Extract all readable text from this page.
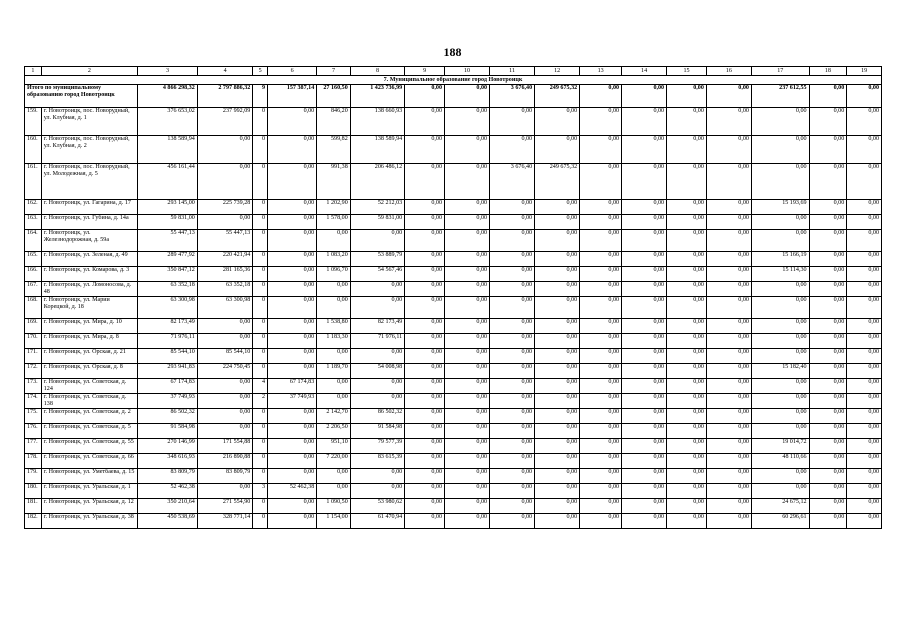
188
1	2	3	4	5	6	7	8	9	10	11	12	13	14	15	16	17	18	19
7. Муниципальное образование город Новотроицк																		
Итого по муниципальному образованию город Новотроицк		4 866 298,32	2 797 886,32	9	157 387,14	27 160,50	1 423 736,99	0,00	0,00	3 676,40	249 675,32	0,00	0,00	0,00	0,00	237 612,55	0,00	0,00
159.	г. Новотроицк, пос. Новорудный, ул. Клубная, д. 1	376 653,02	237 992,09	0	0,00	846,20	138 660,93	0,00	0,00	0,00	0,00	0,00	0,00	0,00	0,00	0,00	0,00	0,00
160.	г. Новотроицк, пос. Новорудный, ул. Клубная, д. 2	138 589,94	0,00	0	0,00	599,82	138 589,94	0,00	0,00	0,00	0,00	0,00	0,00	0,00	0,00	0,00	0,00	0,00
161.	г. Новотроицк, пос. Новорудный, ул. Молодежная, д. 5	456 161,44	0,00	0	0,00	991,38	206 486,12	0,00	0,00	3 676,40	249 675,32	0,00	0,00	0,00	0,00	0,00	0,00	0,00
162.	г. Новотроицк, ул. Гагарина, д. 17	293 145,00	225 739,28	0	0,00	1 202,90	52 212,03	0,00	0,00	0,00	0,00	0,00	0,00	0,00	0,00	15 193,69	0,00	0,00
163.	г. Новотроицк, ул. Губина, д. 14а	59 831,00	0,00	0	0,00	1 578,00	59 831,00	0,00	0,00	0,00	0,00	0,00	0,00	0,00	0,00	0,00	0,00	0,00
164.	г. Новотроицк, ул. Железнодорожная, д. 59а	55 447,13	55 447,13	0	0,00	0,00	0,00	0,00	0,00	0,00	0,00	0,00	0,00	0,00	0,00	0,00	0,00	0,00
165.	г. Новотроицк, ул. Зеленая, д. 49	289 477,92	220 421,94	0	0,00	1 083,20	53 889,79	0,00	0,00	0,00	0,00	0,00	0,00	0,00	0,00	15 166,19	0,00	0,00
166.	г. Новотроицк, ул. Комарова, д. 3	350 847,12	281 165,36	0	0,00	1 096,70	54 567,46	0,00	0,00	0,00	0,00	0,00	0,00	0,00	0,00	15 114,30	0,00	0,00
167.	г. Новотроицк, ул. Ломоносова, д. 48	63 352,18	63 352,18	0	0,00	0,00	0,00	0,00	0,00	0,00	0,00	0,00	0,00	0,00	0,00	0,00	0,00	0,00
168.	г. Новотроицк, ул. Марии Корецкой, д. 18	63 300,98	63 300,98	0	0,00	0,00	0,00	0,00	0,00	0,00	0,00	0,00	0,00	0,00	0,00	0,00	0,00	0,00
169.	г. Новотроицк, ул. Мира, д. 10	82 173,49	0,00	0	0,00	1 538,80	82 173,49	0,00	0,00	0,00	0,00	0,00	0,00	0,00	0,00	0,00	0,00	0,00
170.	г. Новотроицк, ул. Мира, д. 8	71 976,11	0,00	0	0,00	1 183,30	71 976,11	0,00	0,00	0,00	0,00	0,00	0,00	0,00	0,00	0,00	0,00	0,00
171.	г. Новотроицк, ул. Орская, д. 21	85 544,10	85 544,10	0	0,00	0,00	0,00	0,00	0,00	0,00	0,00	0,00	0,00	0,00	0,00	0,00	0,00	0,00
172.	г. Новотроицк, ул. Орская, д. 8	293 941,83	224 750,45	0	0,00	1 189,70	54 008,98	0,00	0,00	0,00	0,00	0,00	0,00	0,00	0,00	15 182,40	0,00	0,00
173.	г. Новотроицк, ул. Советская, д. 124	67 174,83	0,00	4	67 174,83	0,00	0,00	0,00	0,00	0,00	0,00	0,00	0,00	0,00	0,00	0,00	0,00	0,00
174.	г. Новотроицк, ул. Советская, д. 138	37 749,93	0,00	2	37 749,93	0,00	0,00	0,00	0,00	0,00	0,00	0,00	0,00	0,00	0,00	0,00	0,00	0,00
175.	г. Новотроицк, ул. Советская, д. 2	86 502,32	0,00	0	0,00	2 142,70	86 502,32	0,00	0,00	0,00	0,00	0,00	0,00	0,00	0,00	0,00	0,00	0,00
176.	г. Новотроицк, ул. Советская, д. 5	91 584,98	0,00	0	0,00	2 206,50	91 584,98	0,00	0,00	0,00	0,00	0,00	0,00	0,00	0,00	0,00	0,00	0,00
177.	г. Новотроицк, ул. Советская, д. 55	270 146,99	171 554,88	0	0,00	951,10	79 577,39	0,00	0,00	0,00	0,00	0,00	0,00	0,00	0,00	19 014,72	0,00	0,00
178.	г. Новотроицк, ул. Советская, д. 66	348 616,93	216 890,88	0	0,00	7 220,00	83 615,39	0,00	0,00	0,00	0,00	0,00	0,00	0,00	0,00	48 110,66	0,00	0,00
179.	г. Новотроицк, ул. Уметбаева, д. 15	83 809,79	83 809,79	0	0,00	0,00	0,00	0,00	0,00	0,00	0,00	0,00	0,00	0,00	0,00	0,00	0,00	0,00
180.	г. Новотроицк, ул. Уральская, д. 1	52 462,38	0,00	3	52 462,38	0,00	0,00	0,00	0,00	0,00	0,00	0,00	0,00	0,00	0,00	0,00	0,00	0,00
181.	г. Новотроицк, ул. Уральская, д. 12	350 210,64	271 554,90	0	0,00	1 090,50	53 980,62	0,00	0,00	0,00	0,00	0,00	0,00	0,00	0,00	24 675,12	0,00	0,00
182.	г. Новотроицк, ул. Уральская, д. 38	450 538,69	328 771,14	0	0,00	1 154,00	61 470,94	0,00	0,00	0,00	0,00	0,00	0,00	0,00	0,00	60 296,61	0,00	0,00
